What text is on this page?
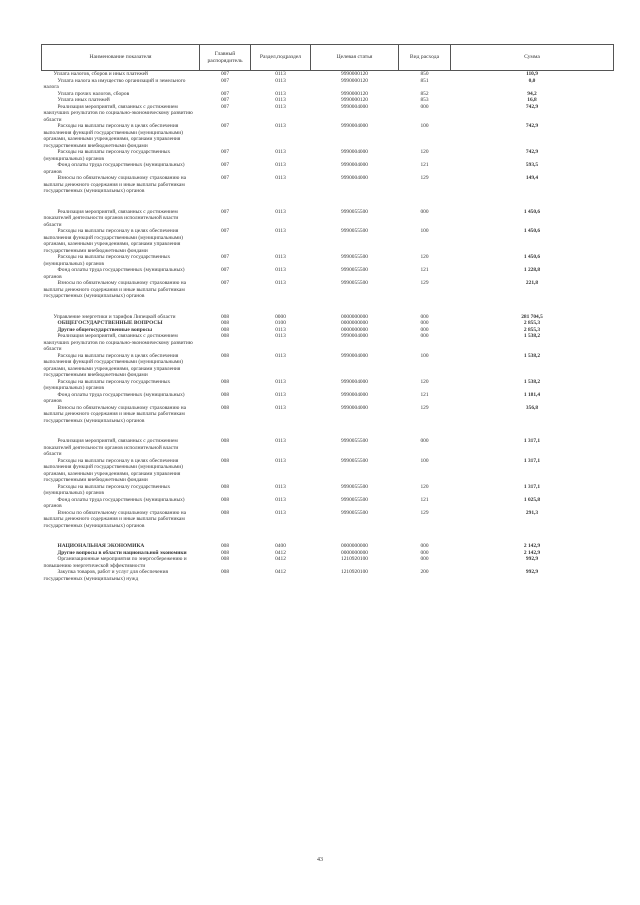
Наименование показателя	Главный распорядитель	Раздел,подраздел	Целевая статья	Вид расхода	Сумма
Уплата налогов, сборов и иных платежей	007	0113	9990000120	850	110,9
Уплата налога на имущество организаций и земельного налога	007	0113	9990000120	851	0,0
Уплата прочих налогов, сборов	007	0113	9990000120	852	94,2
Уплата иных платежей	007	0113	9990000120	853	16,8
Реализация мероприятий, связанных с достижением наилучших результатов по социально-экономическому развитию области	007	0113	9990004000	000	742,9
Расходы на выплаты персоналу в целях обеспечения выполнения функций государственными (муниципальными) органами, казенными учреждениями, органами управления государственными внебюджетными фондами	007	0113	9990004000	100	742,9
Расходы на выплаты персоналу государственных (муниципальных) органов	007	0113	9990004000	120	742,9
Фонд оплаты труда государственных (муниципальных) органов	007	0113	9990004000	121	593,5
Взносы по обязательному социальному страхованию на выплаты денежного содержания и иные выплаты работникам государственных (муниципальных) органов	007	0113	9990004000	129	149,4

Реализация мероприятий, связанных с достижением показателей деятельности органов исполнительной власти области	007	0113	9990055500	000	1 450,6
Расходы на выплаты персоналу в целях обеспечения выполнения функций государственными (муниципальными) органами, казенными учреждениями, органами управления государственными внебюджетными фондами	007	0113	9990055500	100	1 450,6
Расходы на выплаты персоналу государственных (муниципальных) органов	007	0113	9990055500	120	1 450,6
Фонд оплаты труда государственных (муниципальных) органов	007	0113	9990055500	121	1 228,8
Взносы по обязательному социальному страхованию на выплаты денежного содержания и иные выплаты работникам государственных (муниципальных) органов	007	0113	9990055500	129	221,8

Управление энергетики и тарифов Липецкой области	008	0000	0000000000	000	281 704,5
ОБЩЕГОСУДАРСТВЕННЫЕ ВОПРОСЫ	008	0100	0000000000	000	2 855,3
Другие общегосударственные вопросы	008	0113	0000000000	000	2 855,3
Реализация мероприятий, связанных с достижением наилучших результатов по социально-экономическому развитию области	008	0113	9990004000	000	1 538,2
Расходы на выплаты персоналу в целях обеспечения выполнения функций государственными (муниципальными) органами, казенными учреждениями, органами управления государственными внебюджетными фондами	008	0113	9990004000	100	1 538,2
Расходы на выплаты персоналу государственных (муниципальных) органов	008	0113	9990004000	120	1 538,2
Фонд оплаты труда государственных (муниципальных) органов	008	0113	9990004000	121	1 181,4
Взносы по обязательному социальному страхованию на выплаты денежного содержания и иные выплаты работникам государственных (муниципальных) органов	008	0113	9990004000	129	356,8

Реализация мероприятий, связанных с достижением показателей деятельности органов исполнительной власти области	008	0113	9990055500	000	1 317,1
Расходы на выплаты персоналу в целях обеспечения выполнения функций государственными (муниципальными) органами, казенными учреждениями, органами управления государственными внебюджетными фондами	008	0113	9990055500	100	1 317,1
Расходы на выплаты персоналу государственных (муниципальных) органов	008	0113	9990055500	120	1 317,1
Фонд оплаты труда государственных (муниципальных) органов	008	0113	9990055500	121	1 025,8
Взносы по обязательному социальному страхованию на выплаты денежного содержания и иные выплаты работникам государственных (муниципальных) органов	008	0113	9990055500	129	291,3

НАЦИОНАЛЬНАЯ ЭКОНОМИКА	008	0400	0000000000	000	2 142,9
Другие вопросы в области национальной экономики	008	0412	0000000000	000	2 142,9
Организационные мероприятия по энергосбережению и повышению энергетической эффективности	008	0412	1210920100	000	992,9
Закупка товаров, работ и услуг для обеспечения государственных (муниципальных) нужд	008	0412	1210920100	200	992,9
43
